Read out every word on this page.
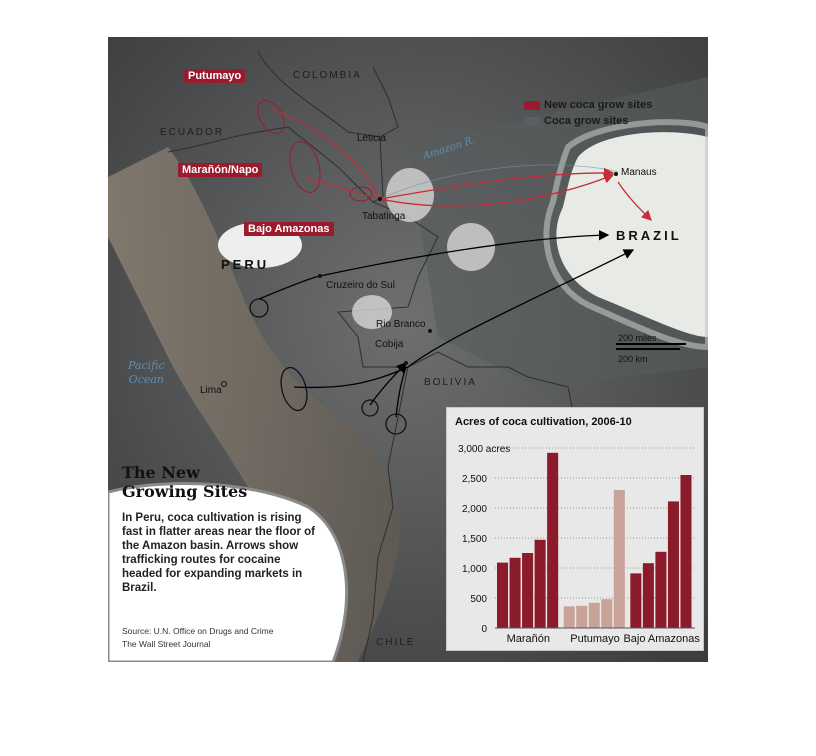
COLOMBIA
ECUADOR
PERU
BRAZIL
BOLIVIA
CHILE
Leticia
Tabatinga
Manaus
Cruzeiro do Sul
Rio Branco
Cobija
Lima
Pacific
Ocean
Amazon R.
Putumayo
Marañón/Napo
Bajo Amazonas
New coca grow sites
Coca grow sites
200 miles
200 km
The New
Growing Sites
In Peru, coca cultivation is rising fast in flatter areas near the floor of the Amazon basin. Arrows show trafficking routes for cocaine headed for expanding markets in Brazil.
Source: U.N. Office on Drugs and Crime
The Wall Street Journal
Acres of coca cultivation, 2006-10
3,000 acres
2,500
2,000
1,500
1,000
500
0
Marañón Putumayo Bajo Amazonas
